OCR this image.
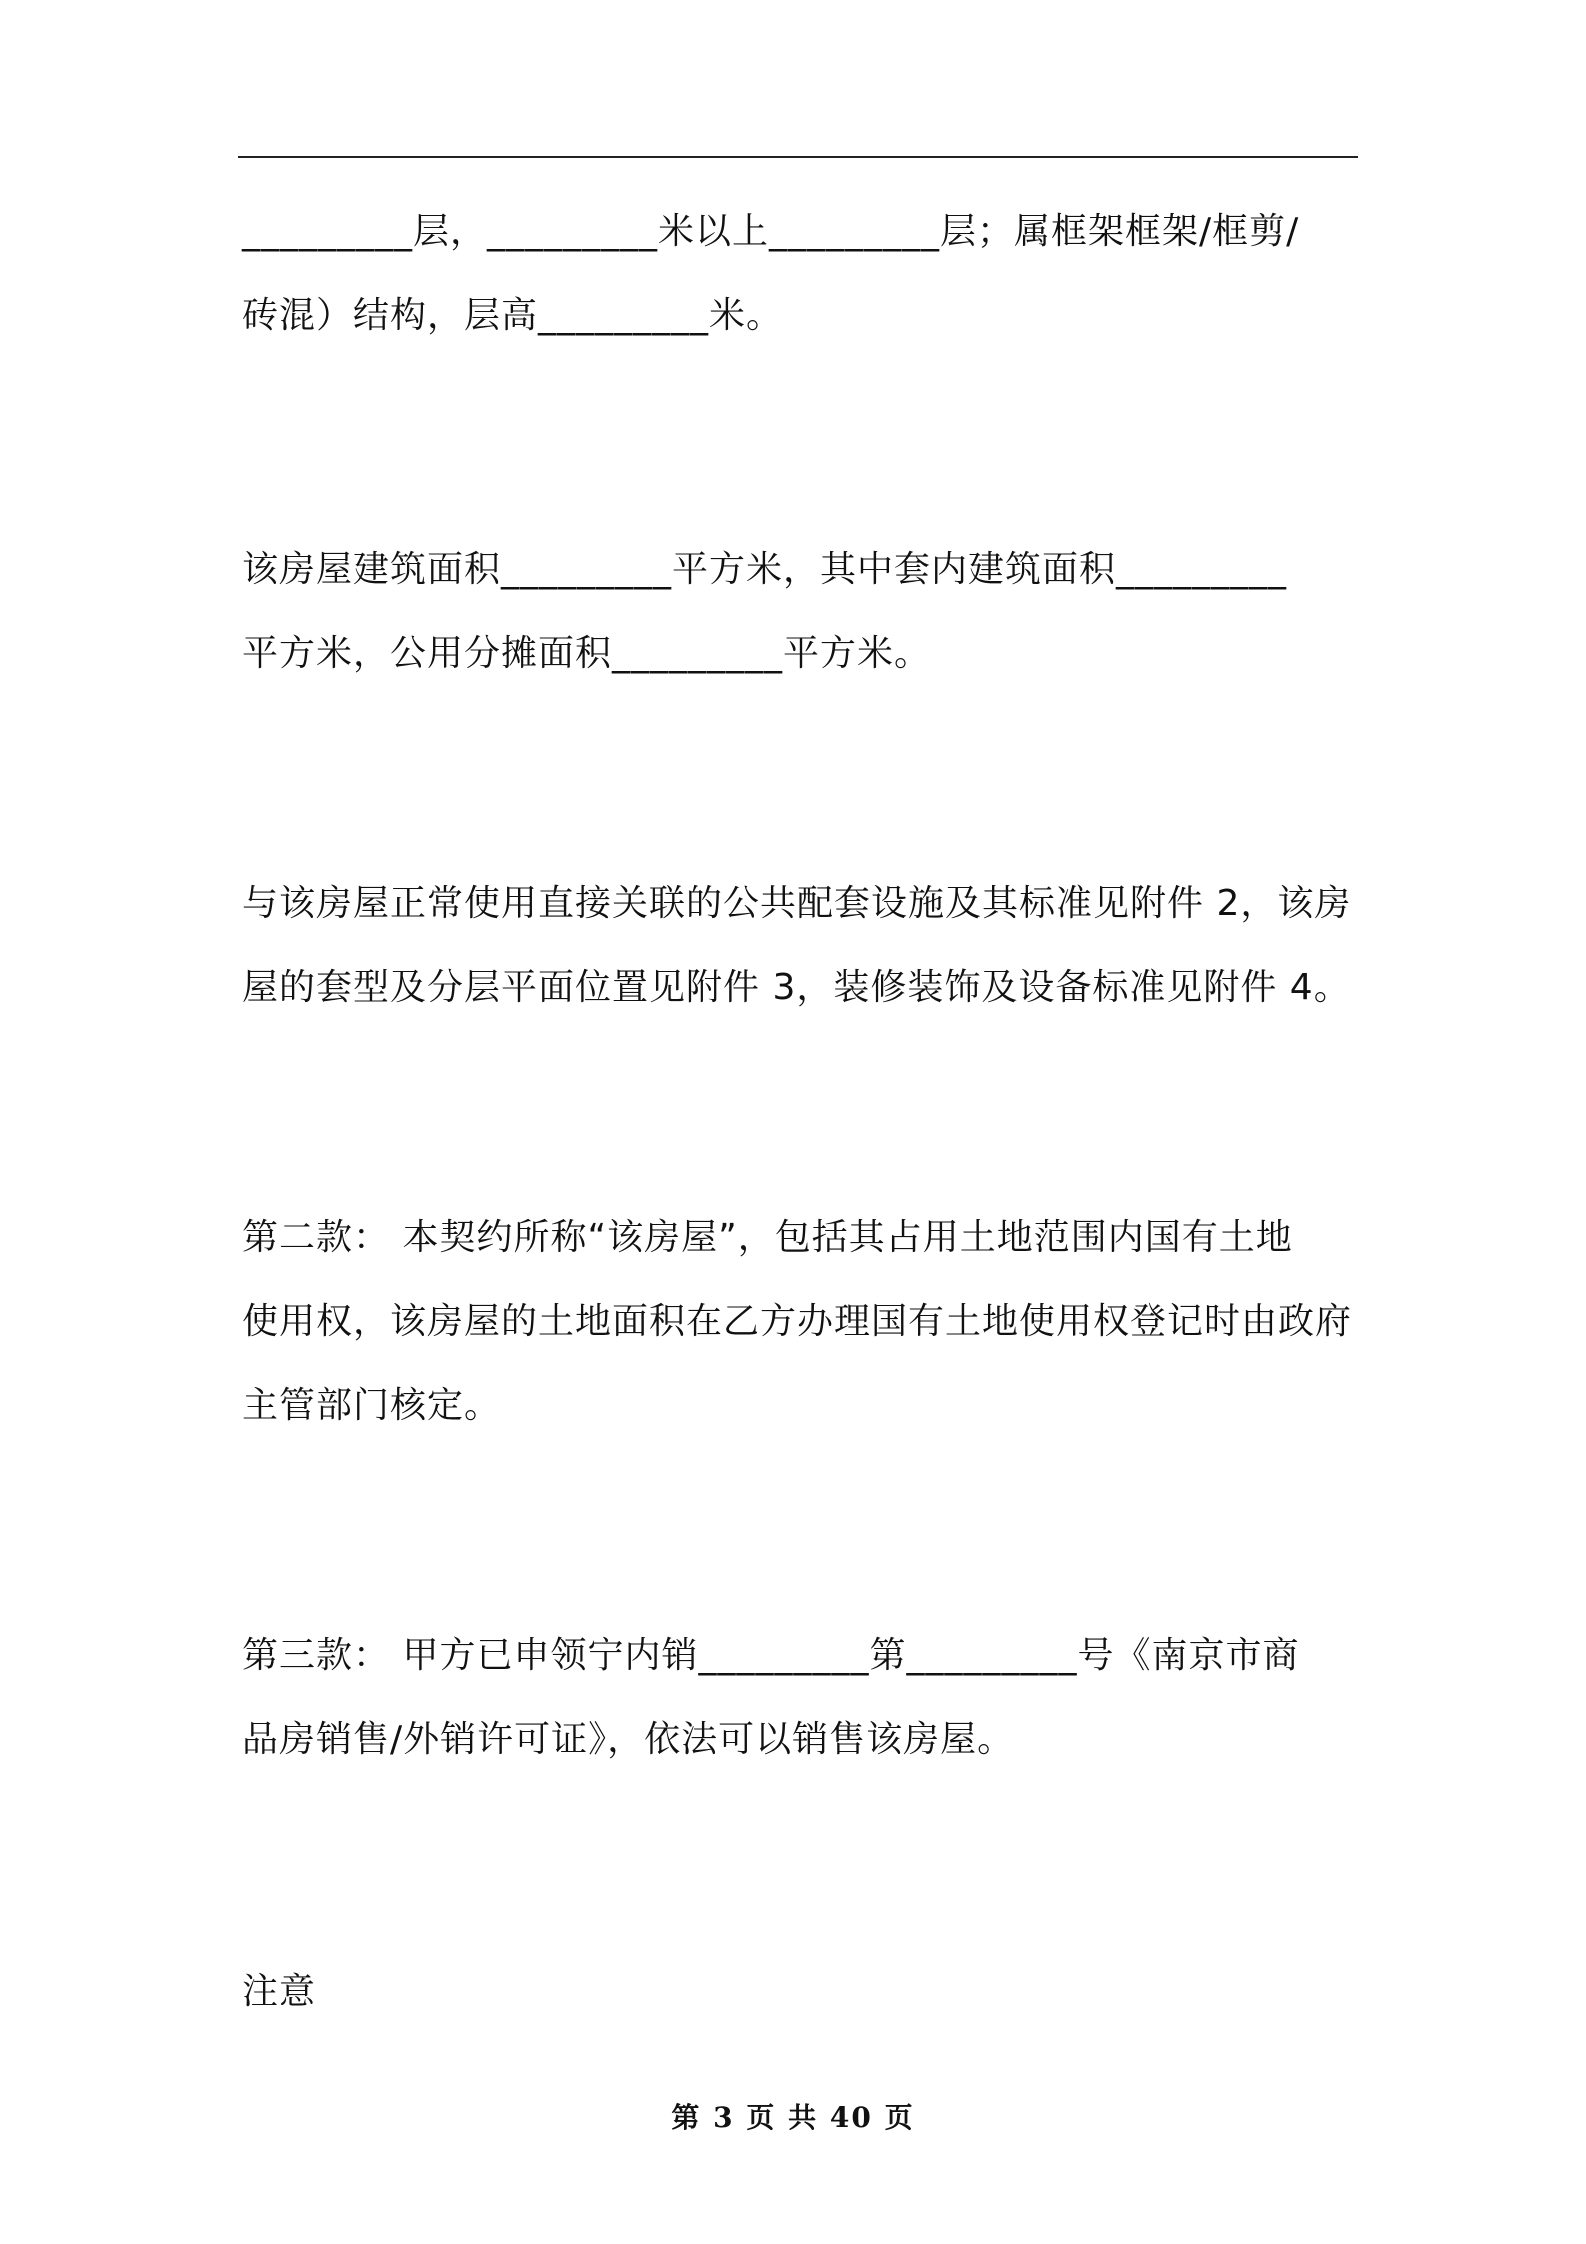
_________层，_________米以上_________层；属框架框架/框剪/
砖混）结构，层高_________米。
该房屋建筑面积_________平方米，其中套内建筑面积_________
平方米，公用分摊面积_________平方米。
与该房屋正常使用直接关联的公共配套设施及其标准见附件 2，该房
屋的套型及分层平面位置见附件 3，装修装饰及设备标准见附件 4。
第二款： 本契约所称“该房屋”，包括其占用土地范围内国有土地
使用权，该房屋的土地面积在乙方办理国有土地使用权登记时由政府
主管部门核定。
第三款： 甲方已申领宁内销_________第_________号《南京市商
品房销售/外销许可证》，依法可以销售该房屋。
注意
第 3 页 共 40 页
